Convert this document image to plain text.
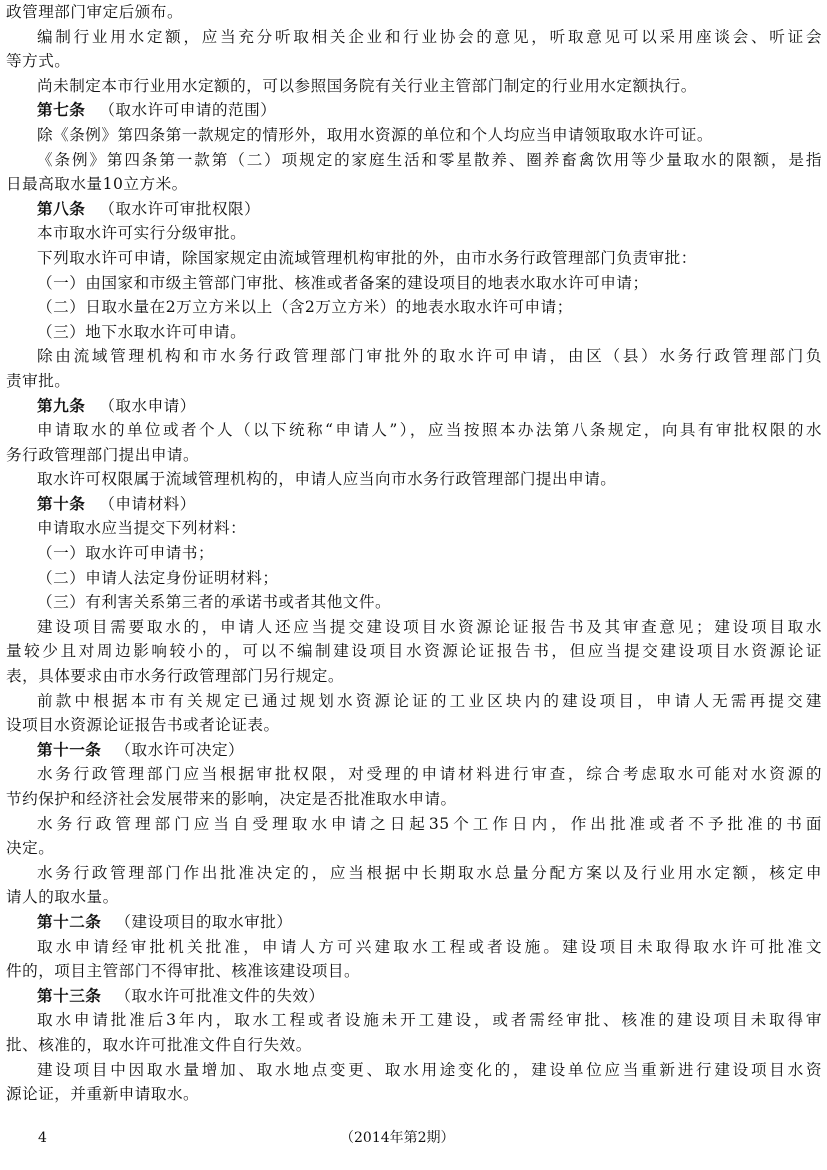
政管理部门审定后颁布。

编制行业用水定额，应当充分听取相关企业和行业协会的意见，听取意见可以采用座谈会、听证会

等方式。

尚未制定本市行业用水定额的，可以参照国务院有关行业主管部门制定的行业用水定额执行。

第七条 （取水许可申请的范围）

除《条例》第四条第一款规定的情形外，取用水资源的单位和个人均应当申请领取取水许可证。

《条例》第四条第一款第（二）项规定的家庭生活和零星散养、圈养畜禽饮用等少量取水的限额，是指

日最高取水量10立方米。

第八条 （取水许可审批权限）

本市取水许可实行分级审批。

下列取水许可申请，除国家规定由流域管理机构审批的外，由市水务行政管理部门负责审批：

（一）由国家和市级主管部门审批、核准或者备案的建设项目的地表水取水许可申请；

（二）日取水量在2万立方米以上（含2万立方米）的地表水取水许可申请；

（三）地下水取水许可申请。

除由流域管理机构和市水务行政管理部门审批外的取水许可申请，由区（县）水务行政管理部门负

责审批。

第九条 （取水申请）

申请取水的单位或者个人（以下统称“申请人”），应当按照本办法第八条规定，向具有审批权限的水

务行政管理部门提出申请。

取水许可权限属于流域管理机构的，申请人应当向市水务行政管理部门提出申请。

第十条 （申请材料）

申请取水应当提交下列材料：

（一）取水许可申请书；

（二）申请人法定身份证明材料；

（三）有利害关系第三者的承诺书或者其他文件。

建设项目需要取水的，申请人还应当提交建设项目水资源论证报告书及其审查意见；建设项目取水

量较少且对周边影响较小的，可以不编制建设项目水资源论证报告书，但应当提交建设项目水资源论证

表，具体要求由市水务行政管理部门另行规定。

前款中根据本市有关规定已通过规划水资源论证的工业区块内的建设项目，申请人无需再提交建

设项目水资源论证报告书或者论证表。

第十一条 （取水许可决定）

水务行政管理部门应当根据审批权限，对受理的申请材料进行审查，综合考虑取水可能对水资源的

节约保护和经济社会发展带来的影响，决定是否批准取水申请。

水务行政管理部门应当自受理取水申请之日起35个工作日内，作出批准或者不予批准的书面

决定。

水务行政管理部门作出批准决定的，应当根据中长期取水总量分配方案以及行业用水定额，核定申

请人的取水量。

第十二条 （建设项目的取水审批）

取水申请经审批机关批准，申请人方可兴建取水工程或者设施。建设项目未取得取水许可批准文

件的，项目主管部门不得审批、核准该建设项目。

第十三条 （取水许可批准文件的失效）

取水申请批准后3年内，取水工程或者设施未开工建设，或者需经审批、核准的建设项目未取得审

批、核准的，取水许可批准文件自行失效。

建设项目中因取水量增加、取水地点变更、取水用途变化的，建设单位应当重新进行建设项目水资

源论证，并重新申请取水。

4	（2014年第2期）
